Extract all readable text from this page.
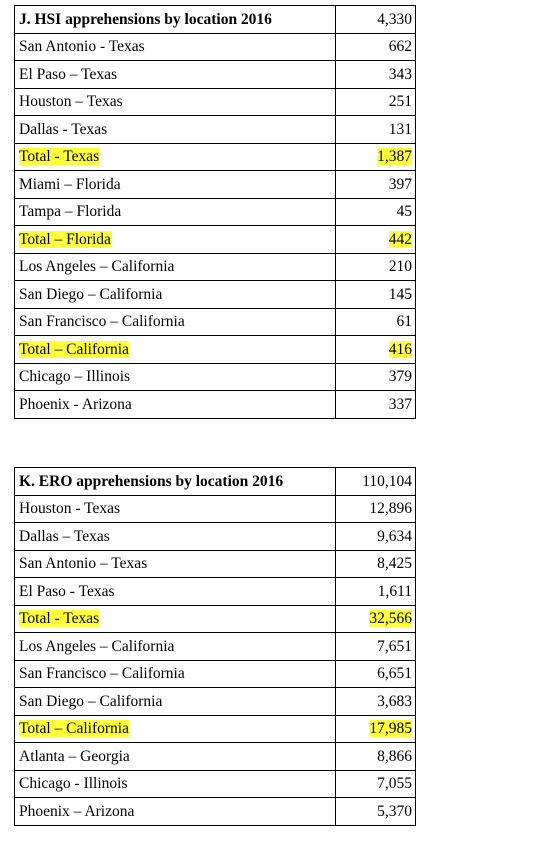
J. HSI apprehensions by location 2016	4,330
San Antonio - Texas	662
El Paso – Texas	343
Houston – Texas	251
Dallas - Texas	131
Total - Texas	1,387
Miami – Florida	397
Tampa – Florida	45
Total – Florida	442
Los Angeles – California	210
San Diego – California	145
San Francisco – California	61
Total – California	416
Chicago – Illinois	379
Phoenix - Arizona	337
K. ERO apprehensions by location 2016	110,104
Houston - Texas	12,896
Dallas – Texas	9,634
San Antonio – Texas	8,425
El Paso - Texas	1,611
Total - Texas	32,566
Los Angeles – California	7,651
San Francisco – California	6,651
San Diego – California	3,683
Total – California	17,985
Atlanta – Georgia	8,866
Chicago - Illinois	7,055
Phoenix – Arizona	5,370
